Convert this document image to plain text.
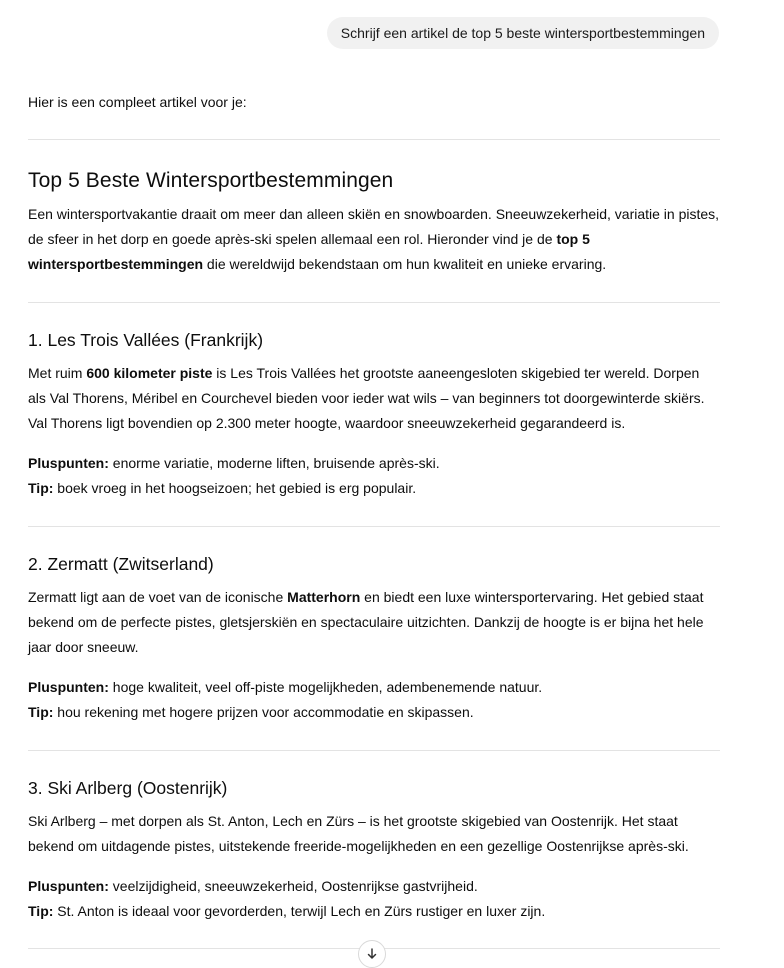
Schrijf een artikel de top 5 beste wintersportbestemmingen
Hier is een compleet artikel voor je:
Top 5 Beste Wintersportbestemmingen

Een wintersportvakantie draait om meer dan alleen skiën en snowboarden. Sneeuwzekerheid, variatie in pistes, de sfeer in het dorp en goede après-ski spelen allemaal een rol. Hieronder vind je de top 5 wintersportbestemmingen die wereldwijd bekendstaan om hun kwaliteit en unieke ervaring.

1. Les Trois Vallées (Frankrijk)

Met ruim 600 kilometer piste is Les Trois Vallées het grootste aaneengesloten skigebied ter wereld. Dorpen als Val Thorens, Méribel en Courchevel bieden voor ieder wat wils – van beginners tot doorgewinterde skiërs. Val Thorens ligt bovendien op 2.300 meter hoogte, waardoor sneeuwzekerheid gegarandeerd is.

Pluspunten: enorme variatie, moderne liften, bruisende après-ski.

Tip: boek vroeg in het hoogseizoen; het gebied is erg populair.

2. Zermatt (Zwitserland)

Zermatt ligt aan de voet van de iconische Matterhorn en biedt een luxe wintersportervaring. Het gebied staat bekend om de perfecte pistes, gletsjerskiën en spectaculaire uitzichten. Dankzij de hoogte is er bijna het hele jaar door sneeuw.

Pluspunten: hoge kwaliteit, veel off-piste mogelijkheden, adembenemende natuur.

Tip: hou rekening met hogere prijzen voor accommodatie en skipassen.

3. Ski Arlberg (Oostenrijk)

Ski Arlberg – met dorpen als St. Anton, Lech en Zürs – is het grootste skigebied van Oostenrijk. Het staat bekend om uitdagende pistes, uitstekende freeride-mogelijkheden en een gezellige Oostenrijkse après-ski.

Pluspunten: veelzijdigheid, sneeuwzekerheid, Oostenrijkse gastvrijheid.

Tip: St. Anton is ideaal voor gevorderden, terwijl Lech en Zürs rustiger en luxer zijn.
